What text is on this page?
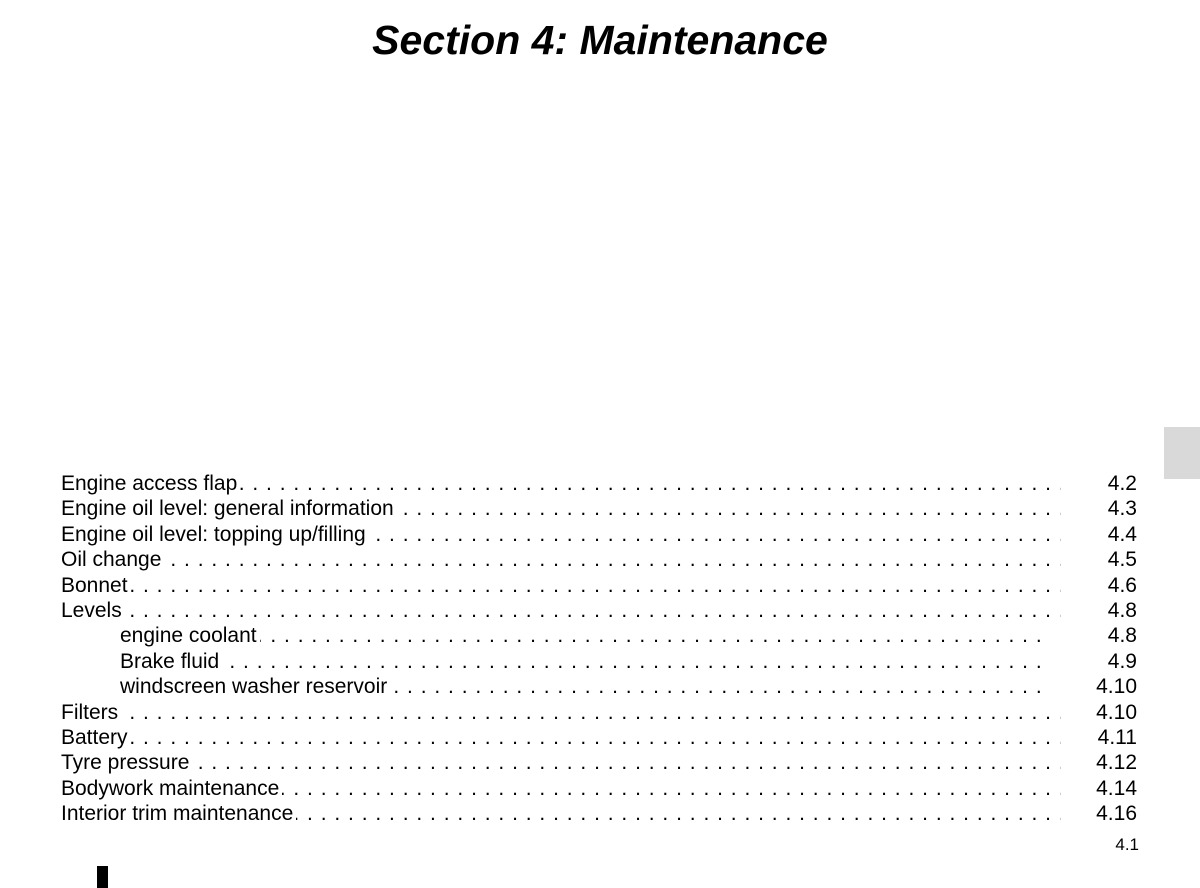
Section 4: Maintenance
Engine access flap . . .	4.2
Engine oil level: general information . . .	4.3
Engine oil level: topping up/filling . . .	4.4
Oil change . . .	4.5
Bonnet . . .	4.6
Levels . . .	4.8
engine coolant . . .	4.8
Brake fluid . . .	4.9
windscreen washer reservoir . . .	4.10
Filters . . .	4.10
Battery . . .	4.11
Tyre pressure . . .	4.12
Bodywork maintenance . . .	4.14
Interior trim maintenance . . .	4.16
4.1
